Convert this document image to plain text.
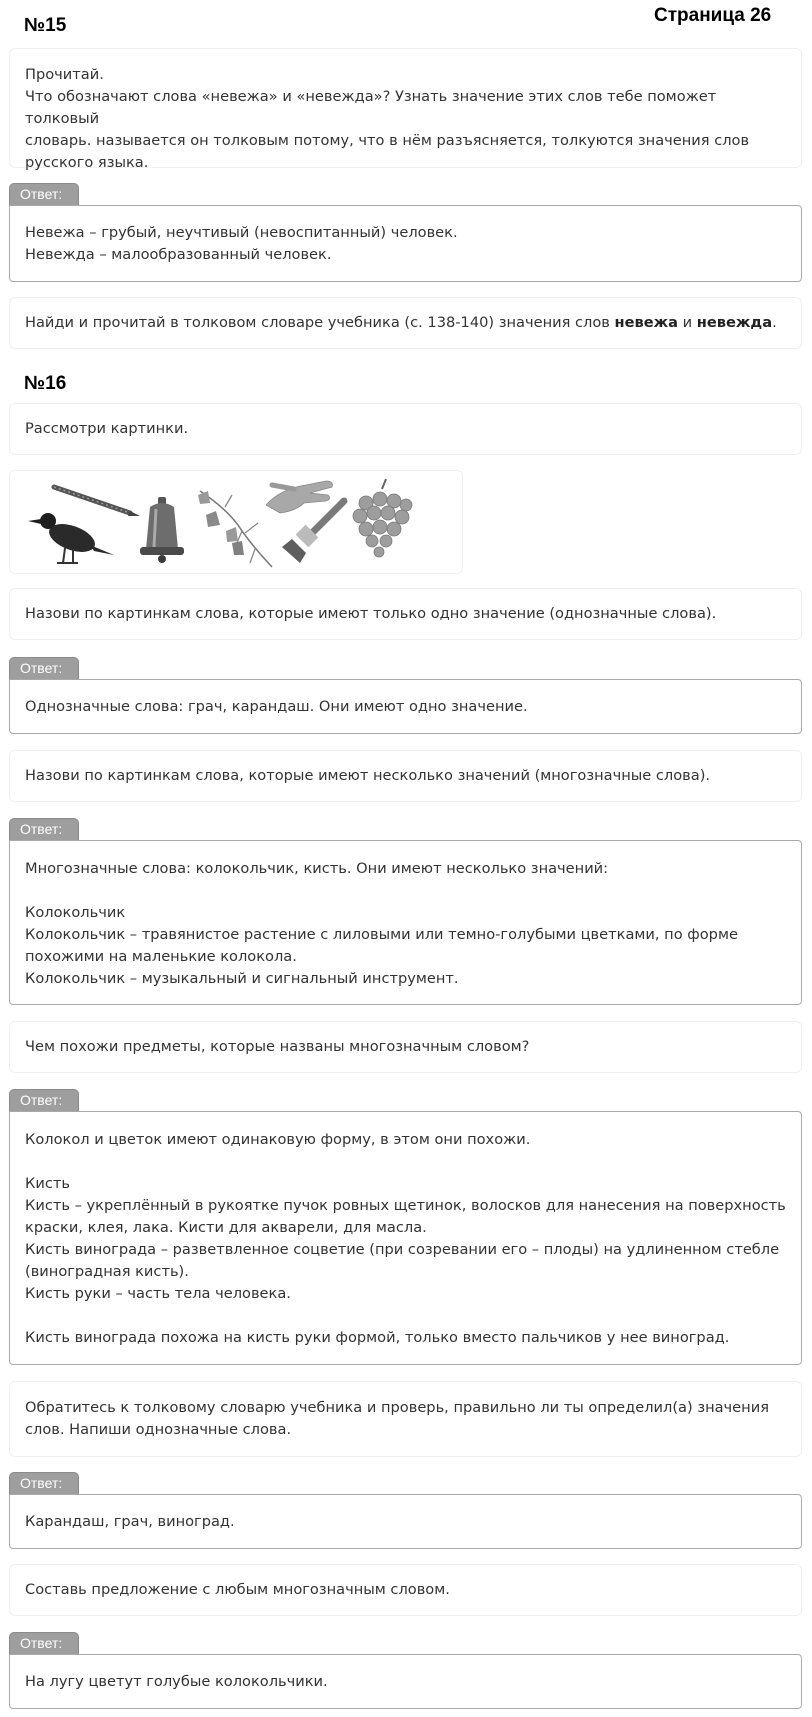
Страница 26
№15
Прочитай.
Что обозначают слова «невежа» и «невежда»? Узнать значение этих слов тебе поможет толковый
словарь. называется он толковым потому, что в нём разъясняется, толкуются значения слов
русского языка.
Ответ:
Невежа – грубый, неучтивый (невоспитанный) человек.
Невежда – малообразованный человек.
Найди и прочитай в толковом словаре учебника (с. 138-140) значения слов невежа и невежда.
№16
Рассмотри картинки.
Назови по картинкам слова, которые имеют только одно значение (однозначные слова).
Ответ:
Однозначные слова: грач, карандаш. Они имеют одно значение.
Назови по картинкам слова, которые имеют несколько значений (многозначные слова).
Ответ:
Многозначные слова: колокольчик, кисть. Они имеют несколько значений:
Колокольчик
Колокольчик – травянистое растение с лиловыми или темно-голубыми цветками, по форме
похожими на маленькие колокола.
Колокольчик – музыкальный и сигнальный инструмент.
Чем похожи предметы, которые названы многозначным словом?
Ответ:
Колокол и цветок имеют одинаковую форму, в этом они похожи.
Кисть
Кисть – укреплённый в рукоятке пучок ровных щетинок, волосков для нанесения на поверхность
краски, клея, лака. Кисти для акварели, для масла.
Кисть винограда – разветвленное соцветие (при созревании его – плоды) на удлиненном стебле
(виноградная кисть).
Кисть руки – часть тела человека.
Кисть винограда похожа на кисть руки формой, только вместо пальчиков у нее виноград.
Обратитесь к толковому словарю учебника и проверь, правильно ли ты определил(а) значения
слов. Напиши однозначные слова.
Ответ:
Карандаш, грач, виноград.
Составь предложение с любым многозначным словом.
Ответ:
На лугу цветут голубые колокольчики.
